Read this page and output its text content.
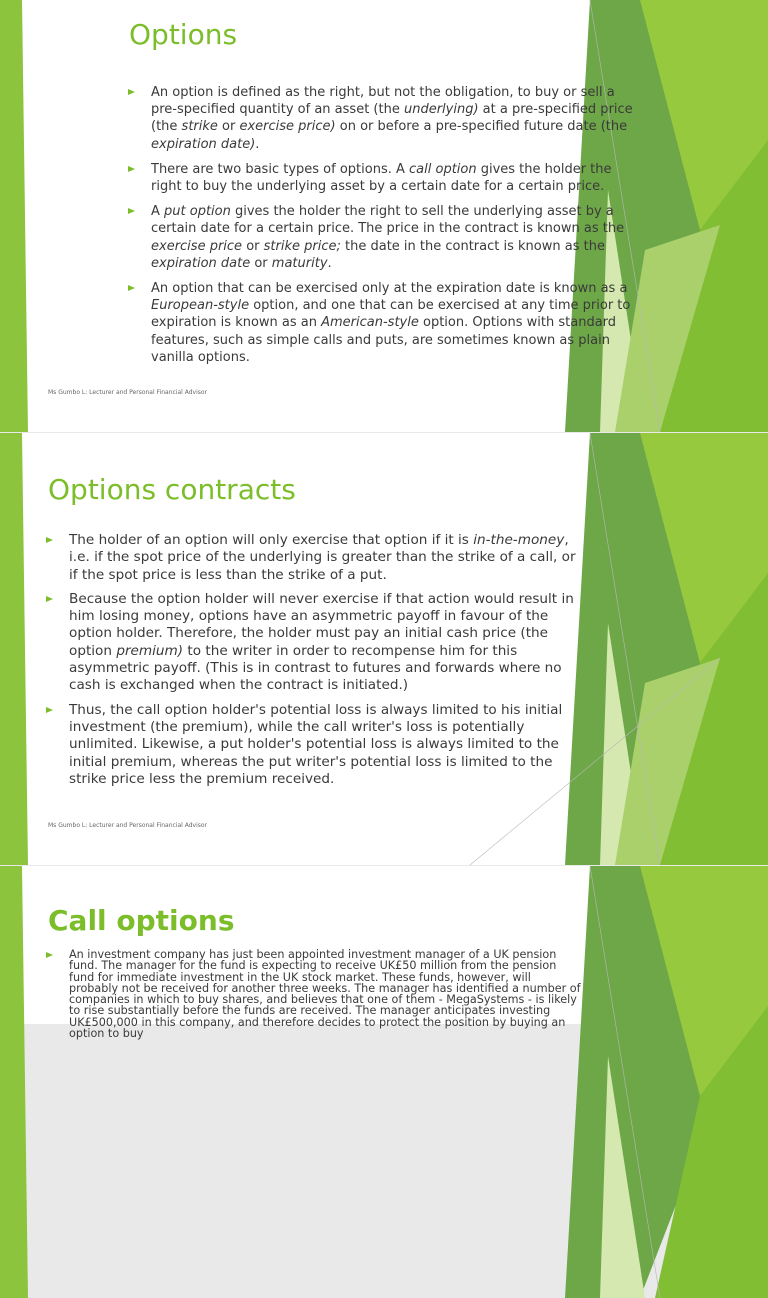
Options
An option is defined as the right, but not the obligation, to buy or sell a pre-specified quantity of an asset (the underlying) at a pre-specified price (the strike or exercise price) on or before a pre-specified future date (the expiration date).
There are two basic types of options. A call option gives the holder the right to buy the underlying asset by a certain date for a certain price.
A put option gives the holder the right to sell the underlying asset by a certain date for a certain price. The price in the contract is known as the exercise price or strike price; the date in the contract is known as the expiration date or maturity.
An option that can be exercised only at the expiration date is known as a European-style option, and one that can be exercised at any time prior to expiration is known as an American-style option. Options with standard features, such as simple calls and puts, are sometimes known as plain vanilla options.
Ms Gumbo L: Lecturer and Personal Financial Advisor
Options contracts
The holder of an option will only exercise that option if it is in-the-money, i.e. if the spot price of the underlying is greater than the strike of a call, or if the spot price is less than the strike of a put.
Because the option holder will never exercise if that action would result in him losing money, options have an asymmetric payoff in favour of the option holder. Therefore, the holder must pay an initial cash price (the option premium) to the writer in order to recompense him for this asymmetric payoff. (This is in contrast to futures and forwards where no cash is exchanged when the contract is initiated.)
Thus, the call option holder's potential loss is always limited to his initial investment (the premium), while the call writer's loss is potentially unlimited. Likewise, a put holder's potential loss is always limited to the initial premium, whereas the put writer's potential loss is limited to the strike price less the premium received.
Ms Gumbo L: Lecturer and Personal Financial Advisor
Call options
An investment company has just been appointed investment manager of a UK pension fund. The manager for the fund is expecting to receive UK£50 million from the pension fund for immediate investment in the UK stock market. These funds, however, will probably not be received for another three weeks. The manager has identified a number of companies in which to buy shares, and believes that one of them - MegaSystems - is likely to rise substantially before the funds are received. The manager anticipates investing UK£500,000 in this company, and therefore decides to protect the position by buying an option to buy
